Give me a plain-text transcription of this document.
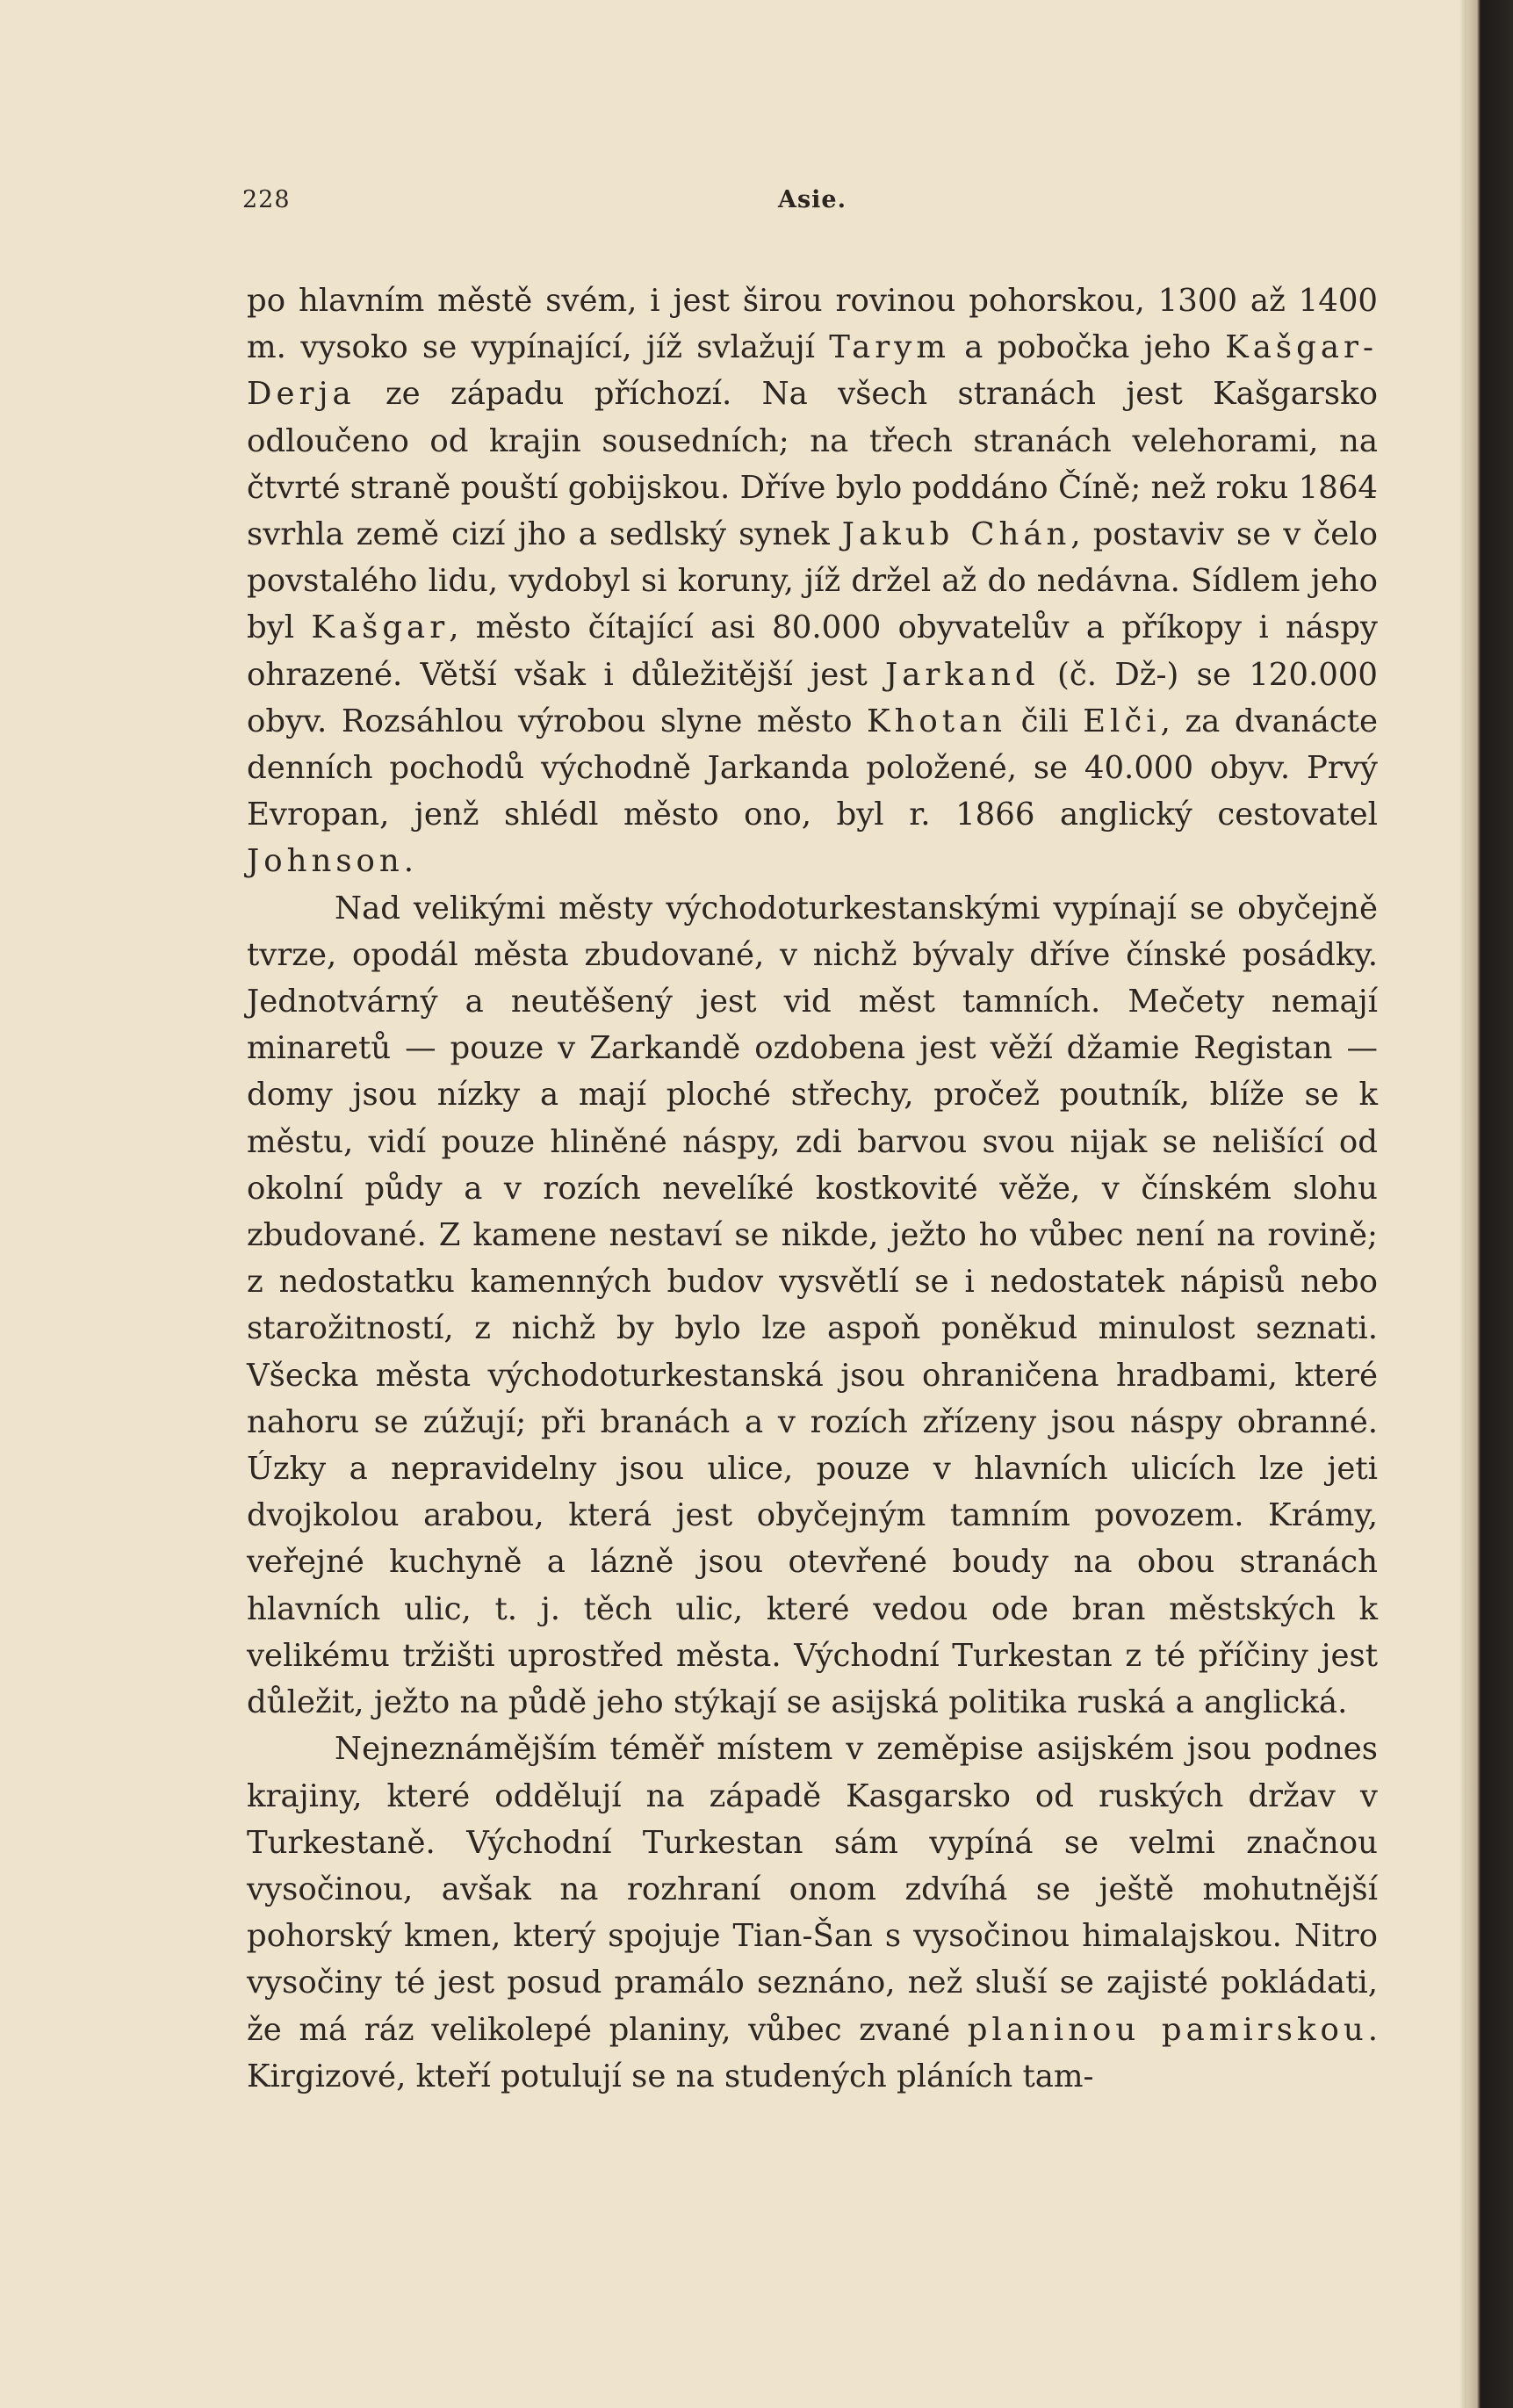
228	Asie.

po hlavním městě svém, i jest širou rovinou pohorskou, 1300 až 1400 m. vysoko se vypínající, jíž svlažují Tarym a pobočka jeho Kašgar-Derja ze západu příchozí. Na všech stranách jest Kašgarsko odloučeno od krajin sousedních; na třech stranách velehorami, na čtvrté straně pouští gobijskou. Dříve bylo poddáno Číně; než roku 1864 svrhla země cizí jho a sedlský synek Jakub Chán, postaviv se v čelo povstalého lidu, vydobyl si koruny, jíž držel až do nedávna. Sídlem jeho byl Kašgar, město čítající asi 80.000 obyvatelův a příkopy i náspy ohrazené. Větší však i důležitější jest Jarkand (č. Dž-) se 120.000 obyv. Rozsáhlou výrobou slyne město Khotan čili Elči, za dvanácte denních pochodů východně Jarkanda položené, se 40.000 obyv. Prvý Evropan, jenž shlédl město ono, byl r. 1866 anglický cestovatel Johnson.

Nad velikými městy východoturkestanskými vypínají se obyčejně tvrze, opodál města zbudované, v nichž bývaly dříve čínské posádky. Jednotvárný a neutěšený jest vid měst tamních. Mečety nemají minaretů — pouze v Zarkandě ozdobena jest věží džamie Registan — domy jsou nízky a mají ploché střechy, pročež poutník, blíže se k městu, vidí pouze hliněné náspy, zdi barvou svou nijak se nelišící od okolní půdy a v rozích nevelíké kostkovité věže, v čínském slohu zbudované. Z kamene nestaví se nikde, ježto ho vůbec není na rovině; z nedostatku kamenných budov vysvětlí se i nedostatek nápisů nebo starožitností, z nichž by bylo lze aspoň poněkud minulost seznati. Všecka města východoturkestanská jsou ohraničena hradbami, které nahoru se zúžují; při branách a v rozích zřízeny jsou náspy obranné. Úzky a nepravidelny jsou ulice, pouze v hlavních ulicích lze jeti dvojkolou arabou, která jest obyčejným tamním povozem. Krámy, veřejné kuchyně a lázně jsou otevřené boudy na obou stranách hlavních ulic, t. j. těch ulic, které vedou ode bran městských k velikému tržišti uprostřed města. Východní Turkestan z té příčiny jest důležit, ježto na půdě jeho stýkají se asijská politika ruská a anglická.

Nejneznámějším téměř místem v zeměpise asijském jsou podnes krajiny, které oddělují na západě Kasgarsko od ruských držav v Turkestaně. Východní Turkestan sám vypíná se velmi značnou vysočinou, avšak na rozhraní onom zdvíhá se ještě mohutnější pohorský kmen, který spojuje Tian-Šan s vysočinou himalajskou. Nitro vysočiny té jest posud pramálo seznáno, než sluší se zajisté pokládati, že má ráz velikolepé planiny, vůbec zvané planinou pamirskou. Kirgizové, kteří potulují se na studených pláních tam-
